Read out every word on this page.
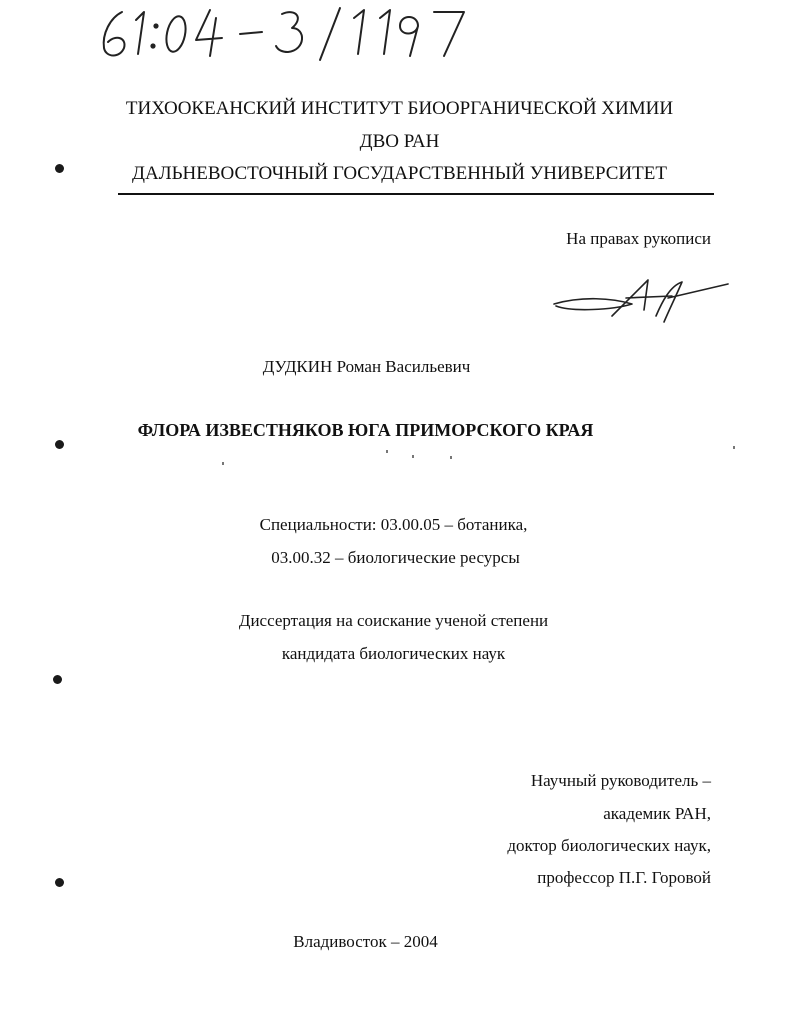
ТИХООКЕАНСКИЙ ИНСТИТУТ БИООРГАНИЧЕСКОЙ ХИМИИ
ДВО РАН
ДАЛЬНЕВОСТОЧНЫЙ ГОСУДАРСТВЕННЫЙ УНИВЕРСИТЕТ
На правах рукописи
ДУДКИН Роман Васильевич
ФЛОРА ИЗВЕСТНЯКОВ ЮГА ПРИМОРСКОГО КРАЯ
Специальности: 03.00.05 – ботаника,
03.00.32 – биологические ресурсы
Диссертация на соискание ученой степени
кандидата биологических наук
Научный руководитель –
академик РАН,
доктор биологических наук,
профессор П.Г. Горовой
Владивосток – 2004
